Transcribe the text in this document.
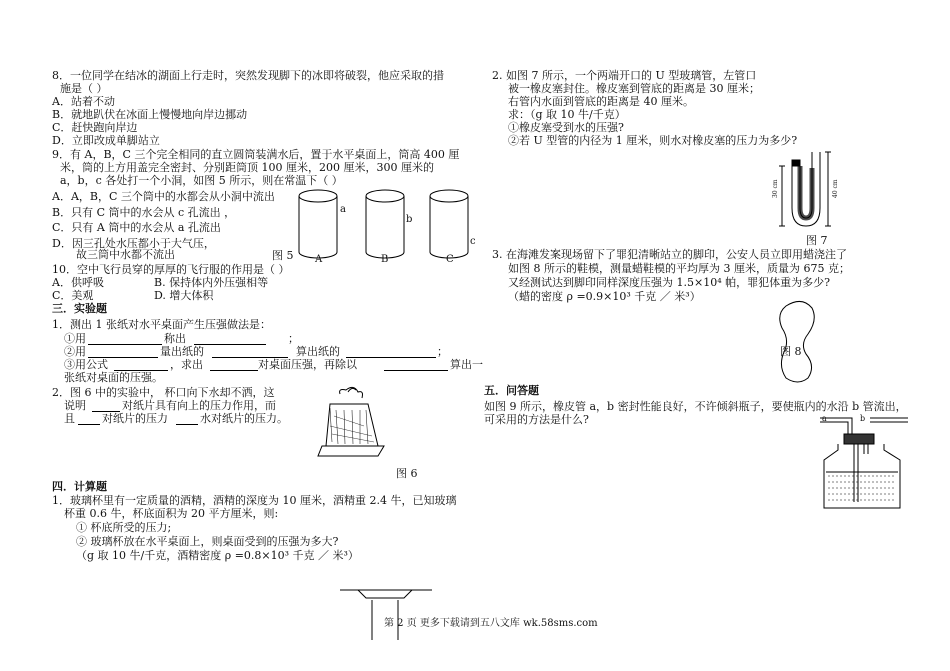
8．一位同学在结冰的湖面上行走时，突然发现脚下的冰即将破裂，他应采取的措
施是（ ）
A．站着不动
B．就地趴伏在冰面上慢慢地向岸边挪动
C．赶快跑向岸边
D．立即改成单脚站立
9．有 A，B，C 三个完全相同的直立圆筒装满水后，置于水平桌面上，筒高 400 厘
米，筒的上方用盖完全密封、分别距筒顶 100 厘米，200 厘米，300 厘米的
a，b，c 各处打一个小洞，如图 5 所示，则在常温下（ ）
A．A，B，C 三个筒中的水都会从小洞中流出
B．只有 C 筒中的水会从 c 孔流出 ，
C．只有 A 筒中的水会从 a 孔流出
D．因三孔处水压都小于大气压，
故三筒中水都不流出
10．空中飞行员穿的厚厚的飞行服的作用是（ ）
A．供呼吸	B. 保持体内外压强相等
C．美观	D. 增大体积
三．实验题
1．测出 1 张纸对水平桌面产生压强做法是：
①用	称出	；
②用	量出纸的	算出纸的	；
③用公式	，求出	对桌面压强，再除以	算出一
张纸对桌面的压强。
2．图 6 中的实验中， 杯口向下水却不洒，这
说明	对纸片具有向上的压力作用，而
且 对纸片的压力	水对纸片的压力。
四．计算题
1．玻璃杯里有一定质量的酒精，酒精的深度为 10 厘米，酒精重 2.4 牛，已知玻璃
杯重 0.6 牛，杯底面积为 20 平方厘米，则:
① 杯底所受的压力;
② 玻璃杯放在水平桌面上，则桌面受到的压强为多大?
（g 取 10 牛/千克，酒精密度 ρ =0.8×10³ 千克 ／ 米³）
a
b
c
图 5 A	B	C
图 6
2. 如图 7 所示，一个两端开口的 U 型玻璃管，左管口
被一橡皮塞封住。橡皮塞到管底的距离是 30 厘米；
右管内水面到管底的距离是 40 厘米。
求：（g 取 10 牛/千克）
①橡皮塞受到水的压强?
②若 U 型管的内径为 1 厘米，则水对橡皮塞的压力为多少?
30 cm	40 cm
图 7
3. 在海滩发案现场留下了罪犯清晰站立的脚印，公安人员立即用蜡浇注了
如图 8 所示的鞋模，测量蜡鞋模的平均厚为 3 厘米，质量为 675 克；
又经测试达到脚印同样深度压强为 1.5×10⁴ 帕，罪犯体重为多少?
（蜡的密度 ρ =0.9×10³ 千克 ／ 米³）
图 8
五．问答题
如图 9 所示，橡皮管 a，b 密封性能良好，不许倾斜瓶子，要使瓶内的水沿 b 管流出，
可采用的方法是什么?	a	b
第 2 页 更多下载请到五八文库 wk.58sms.com
